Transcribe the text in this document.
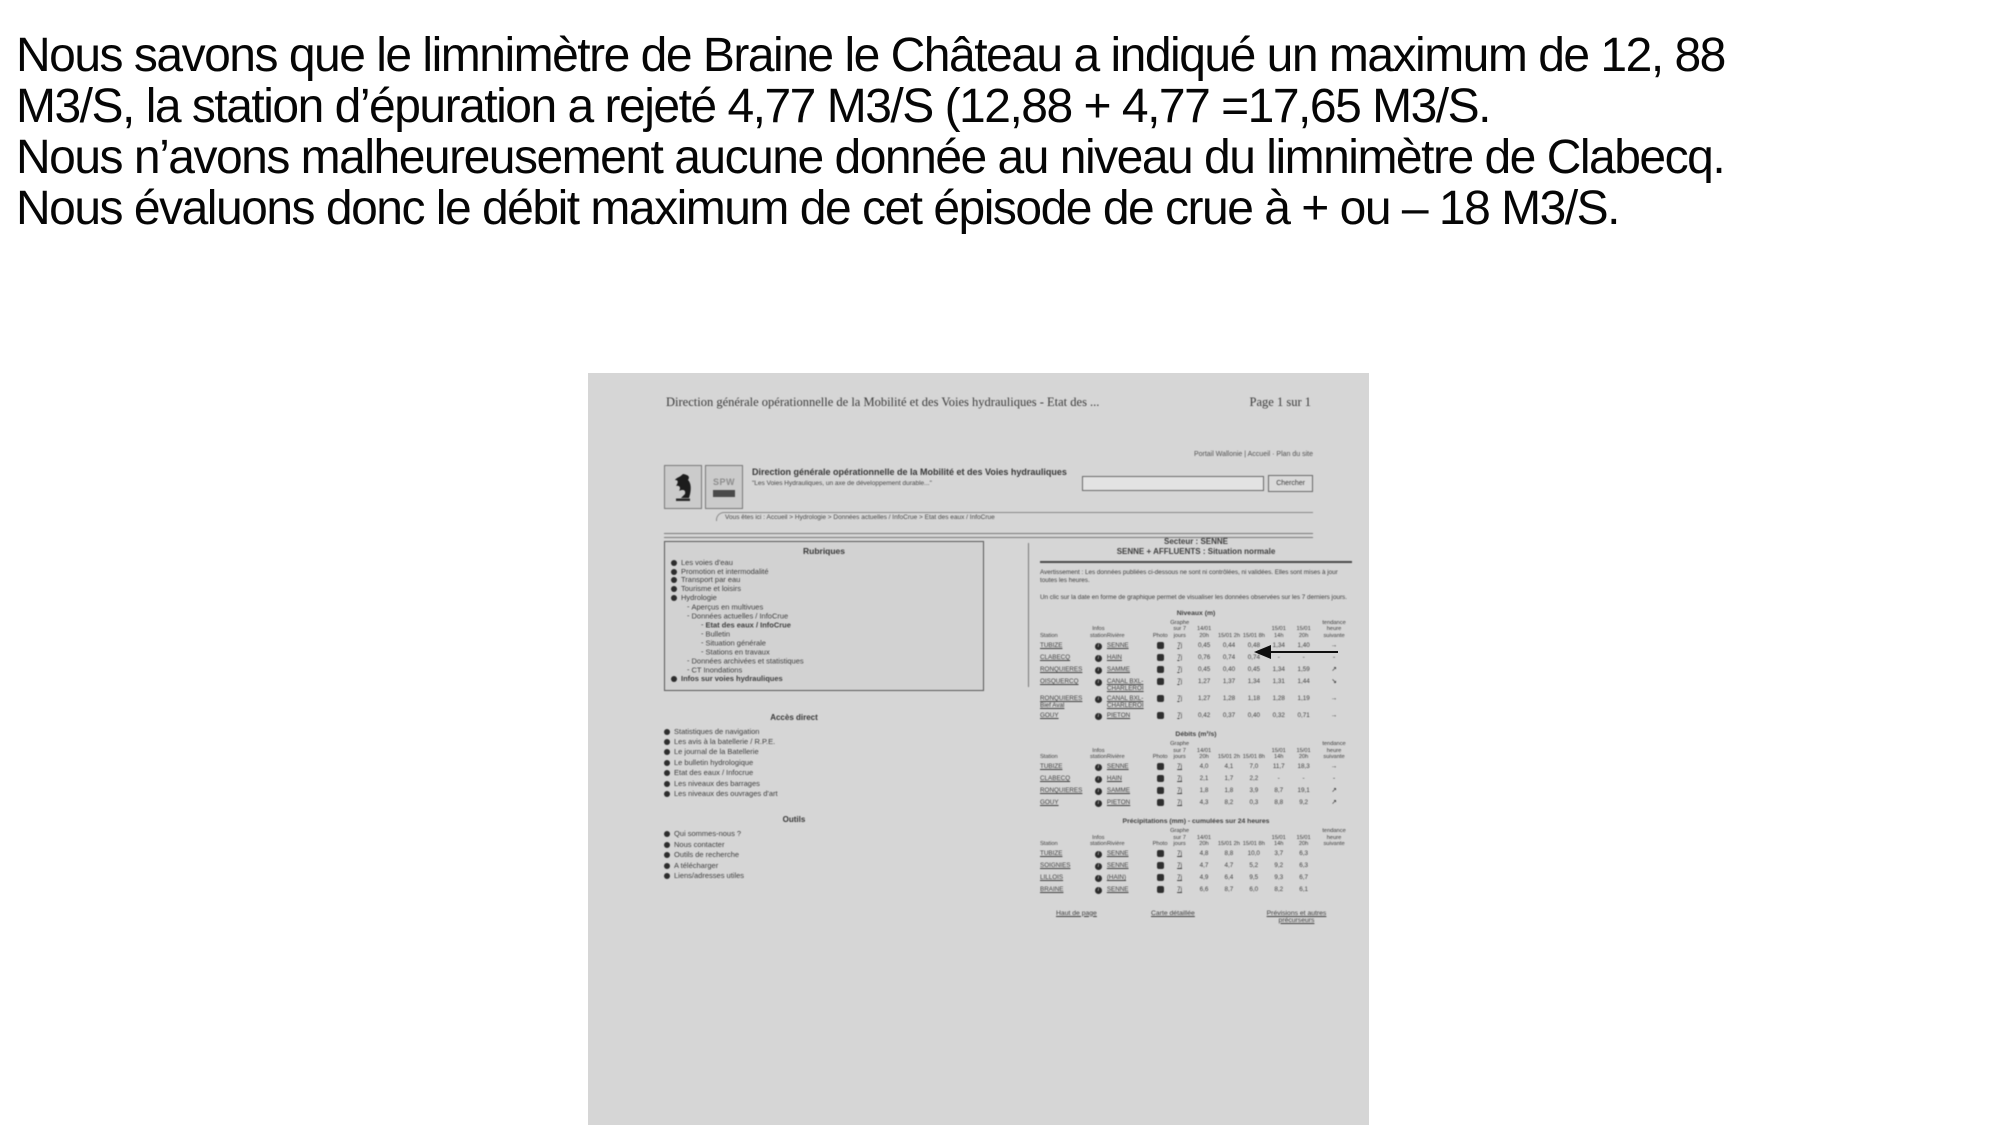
Nous savons que le limnimètre de Braine le Château a indiqué un maximum de 12, 88
M3/S, la station d’épuration a rejeté 4,77 M3/S (12,88 + 4,77 =17,65 M3/S.
Nous n’avons malheureusement aucune donnée au niveau du limnimètre de Clabecq.
Nous évaluons donc le débit maximum de cet épisode de crue à + ou – 18 M3/S.
Direction générale opérationnelle de la Mobilité et des Voies hydrauliques - Etat des ...	Page 1 sur 1
SPW
Portail Wallonie | Accueil · Plan du site
Direction générale opérationnelle de la Mobilité et des Voies hydrauliques
"Les Voies Hydrauliques, un axe de développement durable..."	Chercher
Vous êtes ici : Accueil > Hydrologie > Données actuelles / InfoCrue > Etat des eaux / InfoCrue
Rubriques
Les voies d'eau
Promotion et intermodalité
Transport par eau
Tourisme et loisirs
Hydrologie
-Aperçus en multivues
-Données actuelles / InfoCrue
-Etat des eaux / InfoCrue
-Bulletin
-Situation générale
-Stations en travaux
-Données archivées et statistiques
-CT Inondations
Infos sur voies hydrauliques
Accès direct
Statistiques de navigation
Les avis à la batellerie / R.P.E.
Le journal de la Batellerie
Le bulletin hydrologique
Etat des eaux / Infocrue
Les niveaux des barrages
Les niveaux des ouvrages d'art
Outils
Qui sommes-nous ?
Nous contacter
Outils de recherche
A télécharger
Liens/adresses utiles
Secteur : SENNE
SENNE + AFFLUENTS : Situation normale
Avertissement : Les données publiées ci-dessous ne sont ni contrôlées, ni validées. Elles sont mises à jour toutes les heures.
Un clic sur la date en forme de graphique permet de visualiser les données observées sur les 7 derniers jours.
Niveaux (m)
Station	Infos station	Rivière	Photo	Graphe sur 7 jours	14/01 20h	15/01 2h	15/01 8h	15/01 14h	15/01 20h	tendance heure suivante
TUBIZE	i	SENNE		7j	0,45	0,44	0,48	1,34	1,40	→
CLABECQ	i	HAIN		7j	0,76	0,74	0,74	-	-	-
RONQUIERES	i	SAMME		7j	0,45	0,40	0,45	1,34	1,59	↗
OISQUERCQ	i	CANAL BXL-CHARLEROI		7j	1,27	1,37	1,34	1,31	1,44	↘
RONQUIERES Bief Aval	i	CANAL BXL-CHARLEROI		7j	1,27	1,28	1,18	1,28	1,19	→
GOUY	i	PIETON		7j	0,42	0,37	0,40	0,32	0,71	→
Débits (m³/s)
Station	Infos station	Rivière	Photo	Graphe sur 7 jours	14/01 20h	15/01 2h	15/01 8h	15/01 14h	15/01 20h	tendance heure suivante
TUBIZE	i	SENNE		7j	4,0	4,1	7,0	11,7	18,3	→
CLABECQ	i	HAIN		7j	2,1	1,7	2,2	-	-	-
RONQUIERES	i	SAMME		7j	1,8	1,8	3,9	8,7	19,1	↗
GOUY	i	PIETON		7j	4,3	8,2	0,3	8,8	9,2	↗
Précipitations (mm) - cumulées sur 24 heures
Station	Infos station	Rivière	Photo	Graphe sur 7 jours	14/01 20h	15/01 2h	15/01 8h	15/01 14h	15/01 20h	tendance heure suivante
TUBIZE	i	SENNE		7j	4,8	8,8	10,0	3,7	6,3	
SOIGNIES	i	SENNE		7j	4,7	4,7	5,2	9,2	6,3	
LILLOIS	i	(HAIN)		7j	4,9	6,4	9,5	9,3	6,7	
BRAINE	i	SENNE		7j	6,6	8,7	6,0	8,2	6,1	
Haut de page	Carte détaillée	Prévisions et autres précurseurs
